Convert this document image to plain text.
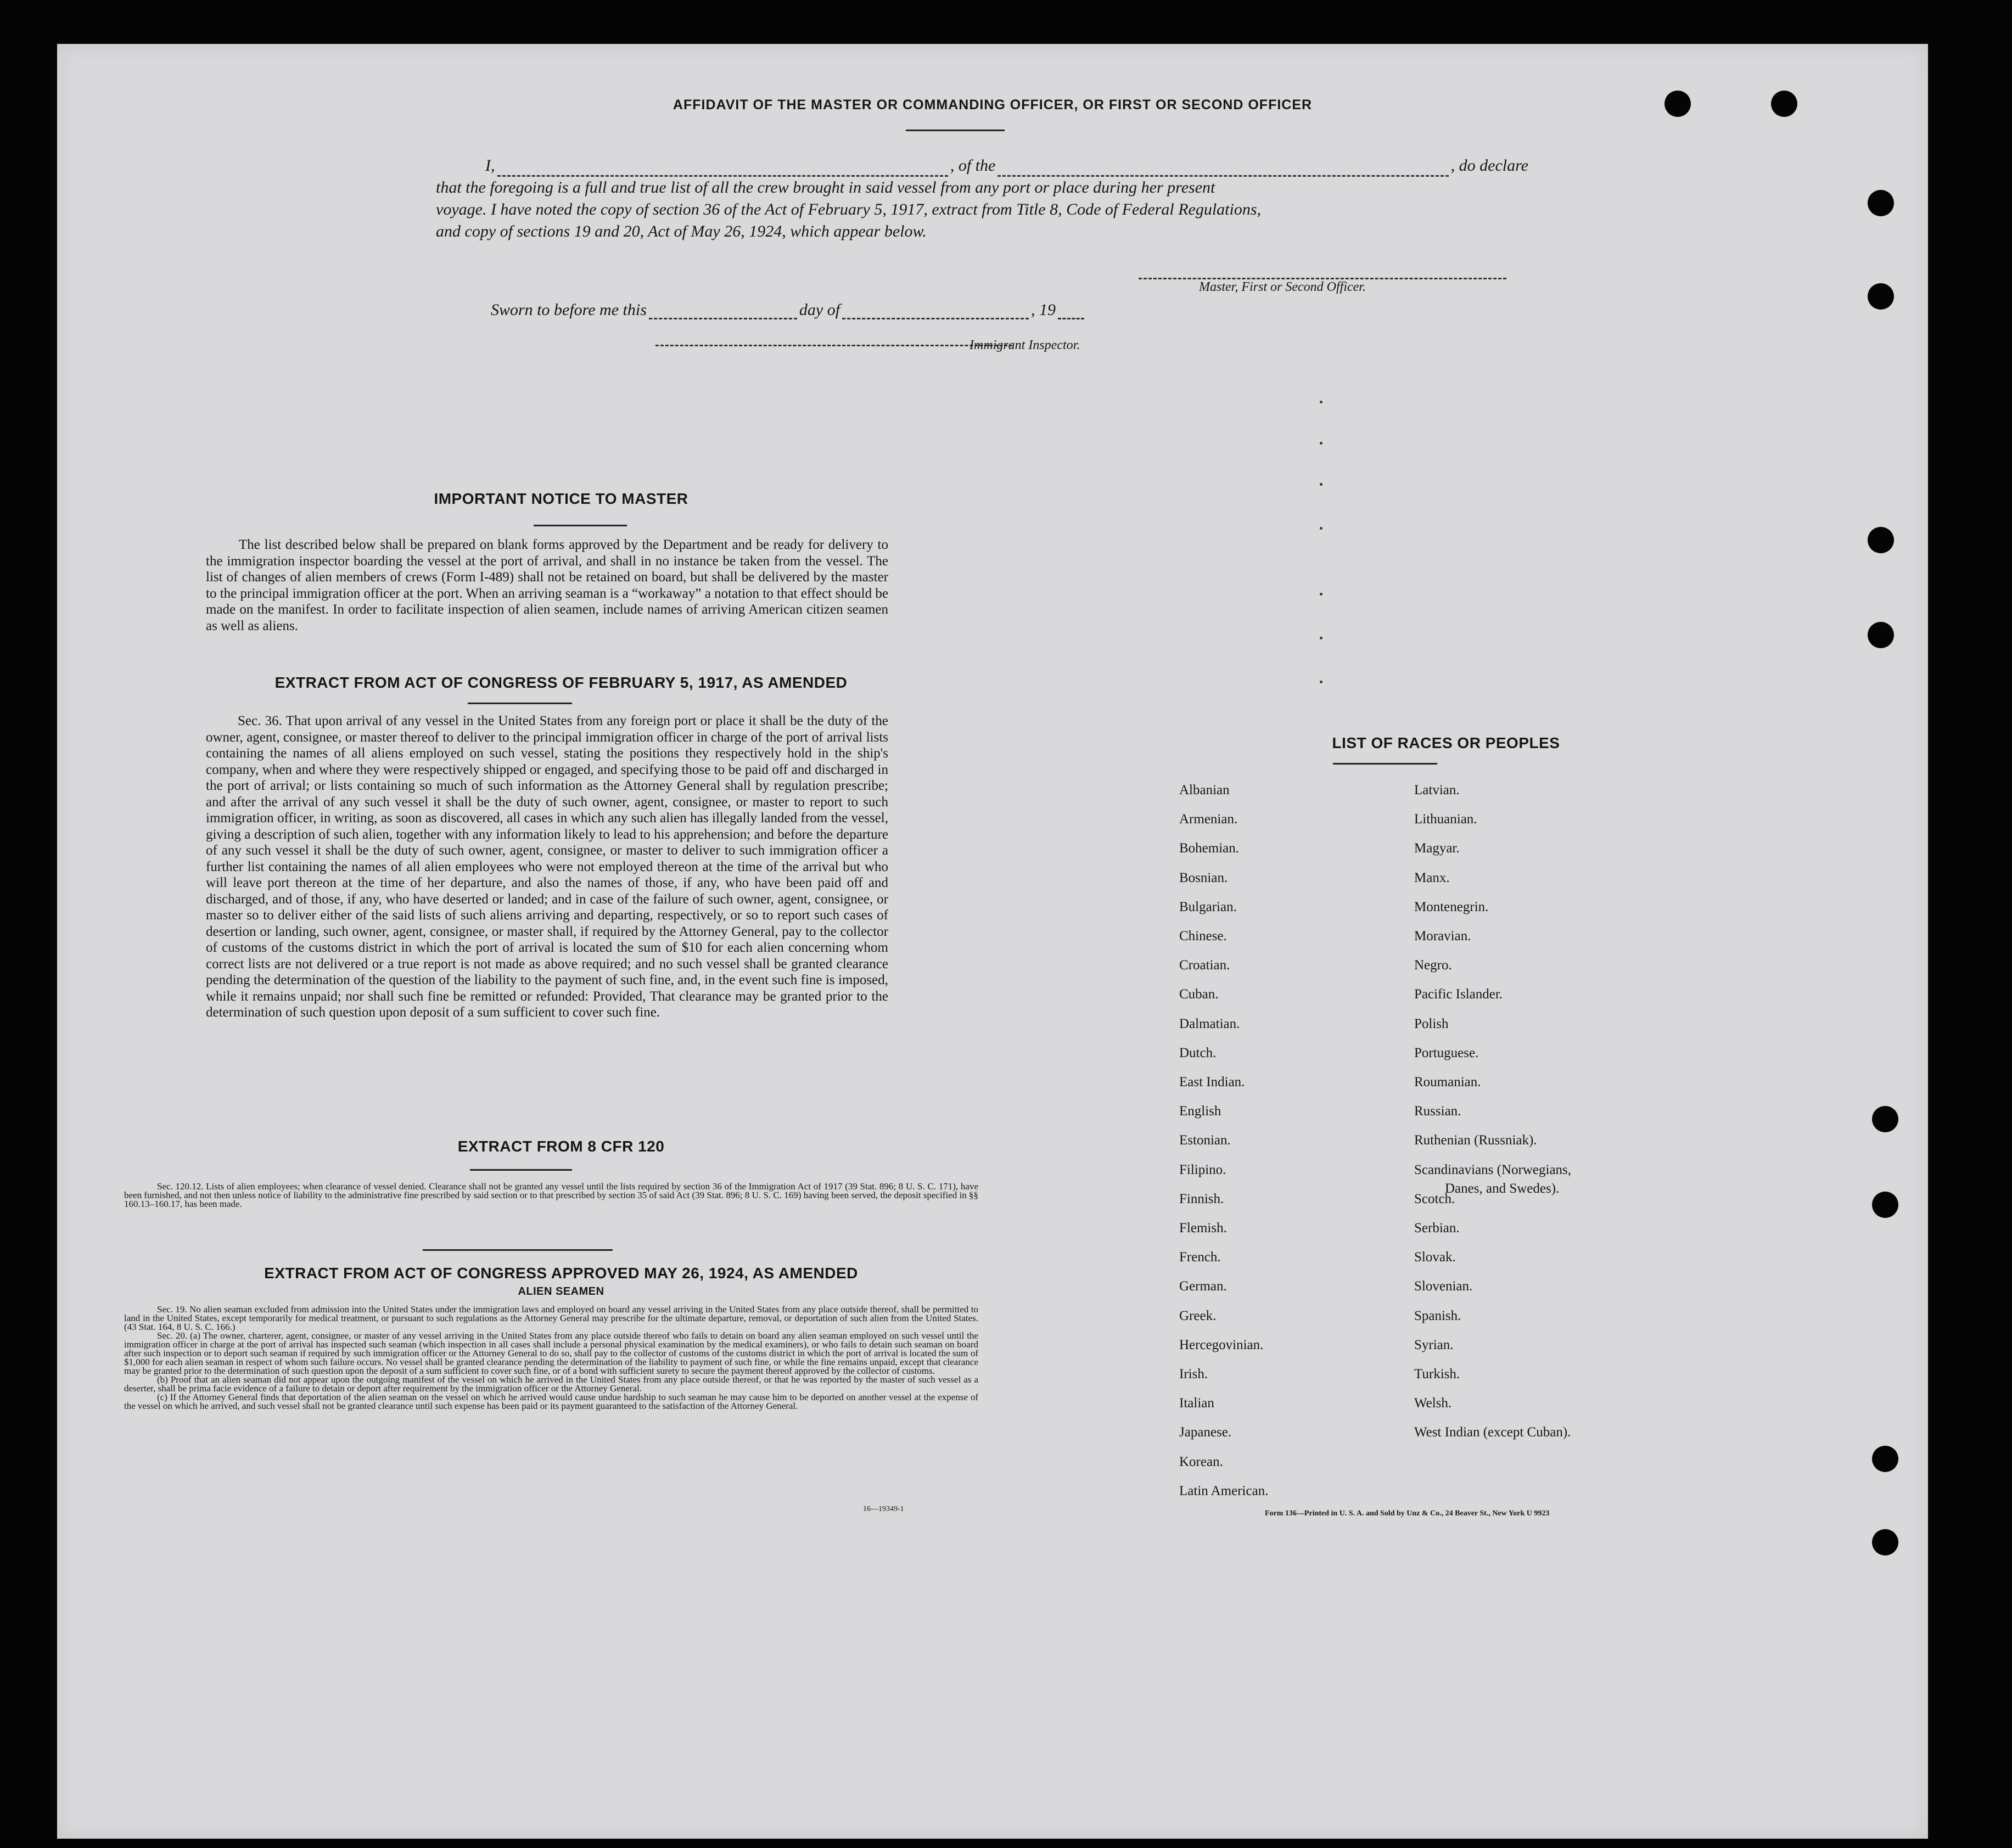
AFFIDAVIT OF THE MASTER OR COMMANDING OFFICER, OR FIRST OR SECOND OFFICER
I,	, of the	, do declare
that the foregoing is a full and true list of all the crew brought in said vessel from any port or place during her present
voyage. I have noted the copy of section 36 of the Act of February 5, 1917, extract from Title 8, Code of Federal Regulations,
and copy of sections 19 and 20, Act of May 26, 1924, which appear below.
Master, First or Second Officer.
Sworn to before me this	day of	, 19
Immigrant Inspector.
IMPORTANT NOTICE TO MASTER
The list described below shall be prepared on blank forms approved by the Department and be ready for delivery to the immigration inspector boarding the vessel at the port of arrival, and shall in no instance be taken from the vessel. The list of changes of alien members of crews (Form I-489) shall not be retained on board, but shall be delivered by the master to the principal immigration officer at the port. When an arriving seaman is a “workaway” a notation to that effect should be made on the manifest. In order to facilitate inspection of alien seamen, include names of arriving American citizen seamen as well as aliens.
EXTRACT FROM ACT OF CONGRESS OF FEBRUARY 5, 1917, AS AMENDED
Sec. 36. That upon arrival of any vessel in the United States from any foreign port or place it shall be the duty of the owner, agent, consignee, or master thereof to deliver to the principal immigration officer in charge of the port of arrival lists containing the names of all aliens employed on such vessel, stating the positions they respectively hold in the ship's company, when and where they were respectively shipped or engaged, and specifying those to be paid off and discharged in the port of arrival; or lists containing so much of such information as the Attorney General shall by regulation prescribe; and after the arrival of any such vessel it shall be the duty of such owner, agent, consignee, or master to report to such immigration officer, in writing, as soon as discovered, all cases in which any such alien has illegally landed from the vessel, giving a description of such alien, together with any information likely to lead to his apprehension; and before the departure of any such vessel it shall be the duty of such owner, agent, consignee, or master to deliver to such immigration officer a further list containing the names of all alien employees who were not employed thereon at the time of the arrival but who will leave port thereon at the time of her departure, and also the names of those, if any, who have been paid off and discharged, and of those, if any, who have deserted or landed; and in case of the failure of such owner, agent, consignee, or master so to deliver either of the said lists of such aliens arriving and departing, respectively, or so to report such cases of desertion or landing, such owner, agent, consignee, or master shall, if required by the Attorney General, pay to the collector of customs of the customs district in which the port of arrival is located the sum of $10 for each alien concerning whom correct lists are not delivered or a true report is not made as above required; and no such vessel shall be granted clearance pending the determination of the question of the liability to the payment of such fine, and, in the event such fine is imposed, while it remains unpaid; nor shall such fine be remitted or refunded: Provided, That clearance may be granted prior to the determination of such question upon deposit of a sum sufficient to cover such fine.
EXTRACT FROM 8 CFR 120
Sec. 120.12. Lists of alien employees; when clearance of vessel denied. Clearance shall not be granted any vessel until the lists required by section 36 of the Immigration Act of 1917 (39 Stat. 896; 8 U. S. C. 171), have been furnished, and not then unless notice of liability to the administrative fine prescribed by said section or to that prescribed by section 35 of said Act (39 Stat. 896; 8 U. S. C. 169) having been served, the deposit specified in §§ 160.13–160.17, has been made.
EXTRACT FROM ACT OF CONGRESS APPROVED MAY 26, 1924, AS AMENDED
ALIEN SEAMEN
Sec. 19. No alien seaman excluded from admission into the United States under the immigration laws and employed on board any vessel arriving in the United States from any place outside thereof, shall be permitted to land in the United States, except temporarily for medical treatment, or pursuant to such regulations as the Attorney General may prescribe for the ultimate departure, removal, or deportation of such alien from the United States. (43 Stat. 164, 8 U. S. C. 166.)
Sec. 20. (a) The owner, charterer, agent, consignee, or master of any vessel arriving in the United States from any place outside thereof who fails to detain on board any alien seaman employed on such vessel until the immigration officer in charge at the port of arrival has inspected such seaman (which inspection in all cases shall include a personal physical examination by the medical examiners), or who fails to detain such seaman on board after such inspection or to deport such seaman if required by such immigration officer or the Attorney General to do so, shall pay to the collector of customs of the customs district in which the port of arrival is located the sum of $1,000 for each alien seaman in respect of whom such failure occurs. No vessel shall be granted clearance pending the determination of the liability to payment of such fine, or while the fine remains unpaid, except that clearance may be granted prior to the determination of such question upon the deposit of a sum sufficient to cover such fine, or of a bond with sufficient surety to secure the payment thereof approved by the collector of customs.
(b) Proof that an alien seaman did not appear upon the outgoing manifest of the vessel on which he arrived in the United States from any place outside thereof, or that he was reported by the master of such vessel as a deserter, shall be prima facie evidence of a failure to detain or deport after requirement by the immigration officer or the Attorney General.
(c) If the Attorney General finds that deportation of the alien seaman on the vessel on which he arrived would cause undue hardship to such seaman he may cause him to be deported on another vessel at the expense of the vessel on which he arrived, and such vessel shall not be granted clearance until such expense has been paid or its payment guaranteed to the satisfaction of the Attorney General.
16—19349-1
LIST OF RACES OR PEOPLES
Albanian
Armenian.
Bohemian.
Bosnian.
Bulgarian.
Chinese.
Croatian.
Cuban.
Dalmatian.
Dutch.
East Indian.
English
Estonian.
Filipino.
Finnish.
Flemish.
French.
German.
Greek.
Hercegovinian.
Irish.
Italian
Japanese.
Korean.
Latin American.
Latvian.
Lithuanian.
Magyar.
Manx.
Montenegrin.
Moravian.
Negro.
Pacific Islander.
Polish
Portuguese.
Roumanian.
Russian.
Ruthenian (Russniak).
Scandinavians (Norwegians,
Danes, and Swedes).
Scotch.
Serbian.
Slovak.
Slovenian.
Spanish.
Syrian.
Turkish.
Welsh.
West Indian (except Cuban).
Form 136—Printed in U. S. A. and Sold by Unz & Co., 24 Beaver St., New York U 9923
